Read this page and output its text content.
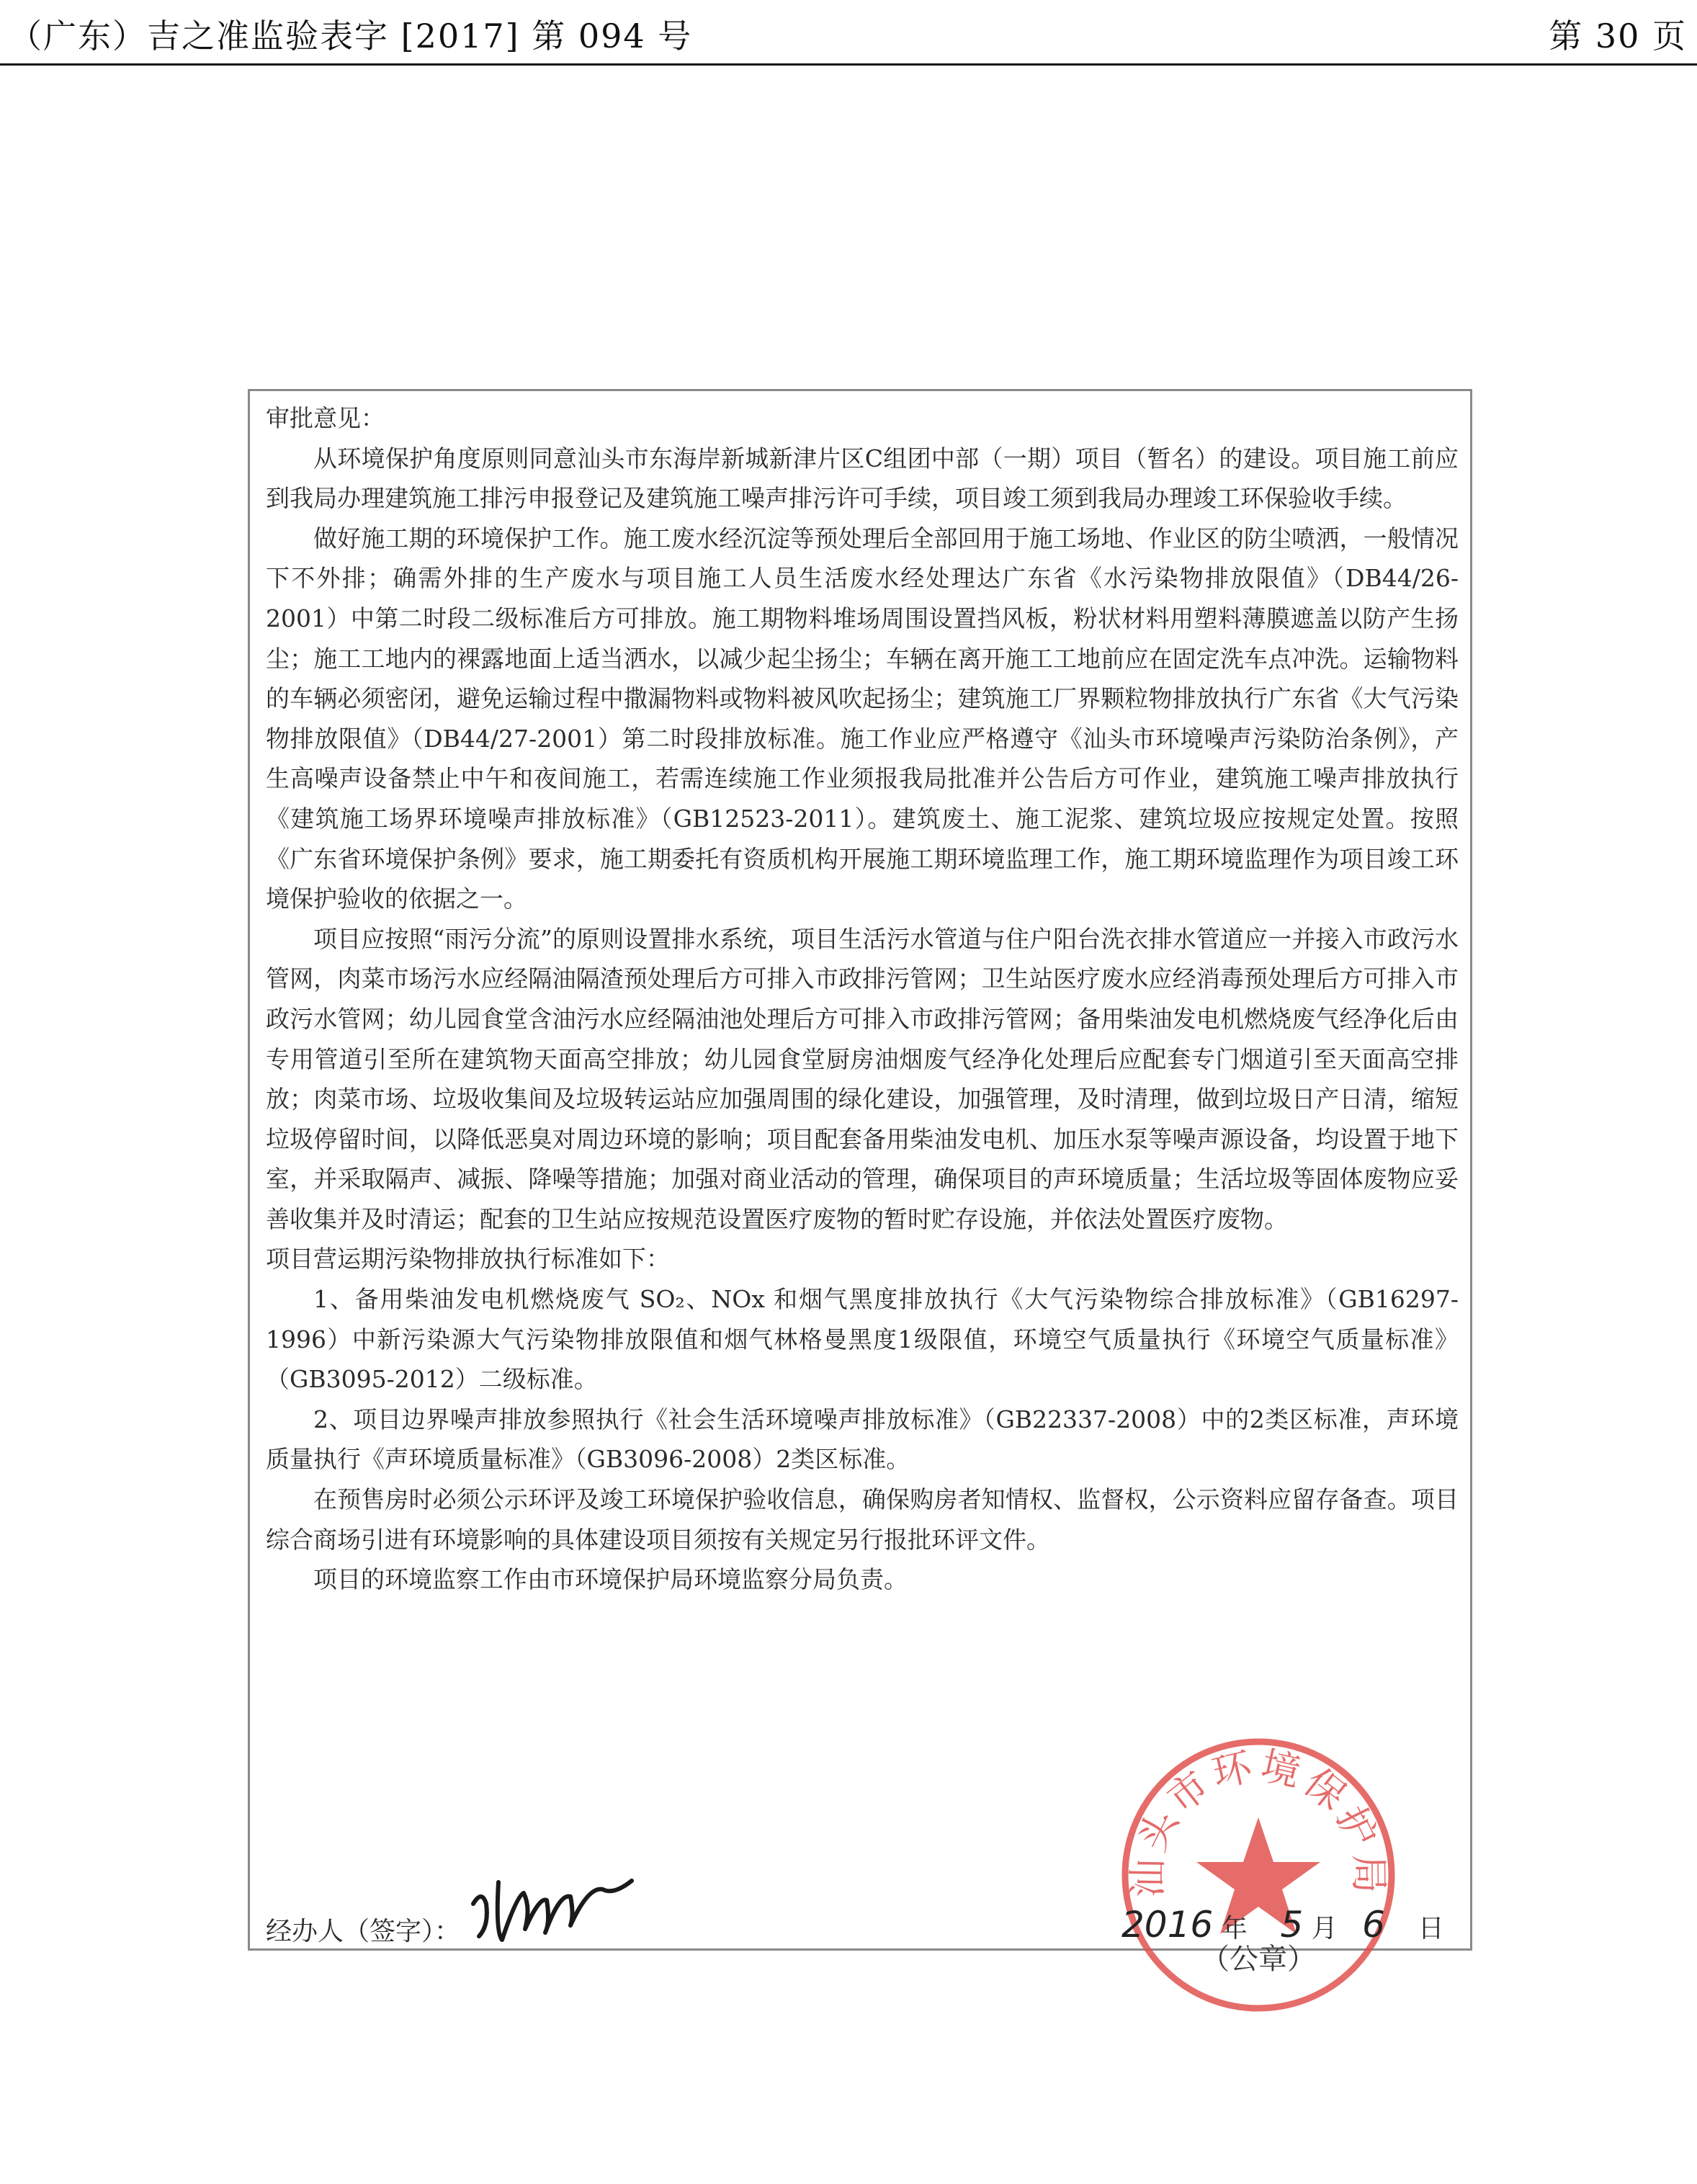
（广东）吉之准监验表字 [2017] 第 094 号	第 30 页

审批意见：

从环境保护角度原则同意汕头市东海岸新城新津片区C组团中部（一期）项目（暂名）的建设。项目施工前应到我局办理建筑施工排污申报登记及建筑施工噪声排污许可手续，项目竣工须到我局办理竣工环保验收手续。

做好施工期的环境保护工作。施工废水经沉淀等预处理后全部回用于施工场地、作业区的防尘喷洒，一般情况下不外排；确需外排的生产废水与项目施工人员生活废水经处理达广东省《水污染物排放限值》（DB44/26-2001）中第二时段二级标准后方可排放。施工期物料堆场周围设置挡风板，粉状材料用塑料薄膜遮盖以防产生扬尘；施工工地内的裸露地面上适当洒水，以减少起尘扬尘；车辆在离开施工工地前应在固定洗车点冲洗。运输物料的车辆必须密闭，避免运输过程中撒漏物料或物料被风吹起扬尘；建筑施工厂界颗粒物排放执行广东省《大气污染物排放限值》（DB44/27-2001）第二时段排放标准。施工作业应严格遵守《汕头市环境噪声污染防治条例》，产生高噪声设备禁止中午和夜间施工，若需连续施工作业须报我局批准并公告后方可作业，建筑施工噪声排放执行《建筑施工场界环境噪声排放标准》（GB12523-2011）。建筑废土、施工泥浆、建筑垃圾应按规定处置。按照《广东省环境保护条例》要求，施工期委托有资质机构开展施工期环境监理工作，施工期环境监理作为项目竣工环境保护验收的依据之一。

项目应按照“雨污分流”的原则设置排水系统，项目生活污水管道与住户阳台洗衣排水管道应一并接入市政污水管网，肉菜市场污水应经隔油隔渣预处理后方可排入市政排污管网；卫生站医疗废水应经消毒预处理后方可排入市政污水管网；幼儿园食堂含油污水应经隔油池处理后方可排入市政排污管网；备用柴油发电机燃烧废气经净化后由专用管道引至所在建筑物天面高空排放；幼儿园食堂厨房油烟废气经净化处理后应配套专门烟道引至天面高空排放；肉菜市场、垃圾收集间及垃圾转运站应加强周围的绿化建设，加强管理，及时清理，做到垃圾日产日清，缩短垃圾停留时间，以降低恶臭对周边环境的影响；项目配套备用柴油发电机、加压水泵等噪声源设备，均设置于地下室，并采取隔声、减振、降噪等措施；加强对商业活动的管理，确保项目的声环境质量；生活垃圾等固体废物应妥善收集并及时清运；配套的卫生站应按规范设置医疗废物的暂时贮存设施，并依法处置医疗废物。

项目营运期污染物排放执行标准如下：

1、备用柴油发电机燃烧废气 SO₂、NOx 和烟气黑度排放执行《大气污染物综合排放标准》（GB16297-1996）中新污染源大气污染物排放限值和烟气林格曼黑度1级限值，环境空气质量执行《环境空气质量标准》（GB3095-2012）二级标准。

2、项目边界噪声排放参照执行《社会生活环境噪声排放标准》（GB22337-2008）中的2类区标准，声环境质量执行《声环境质量标准》（GB3096-2008）2类区标准。

在预售房时必须公示环评及竣工环境保护验收信息，确保购房者知情权、监督权，公示资料应留存备查。项目综合商场引进有环境影响的具体建设项目须按有关规定另行报批环评文件。

项目的环境监察工作由市环境保护局环境监察分局负责。

汕头市环境保护局
（公章）
经办人（签字）：	2016 年 5 月 6 日
